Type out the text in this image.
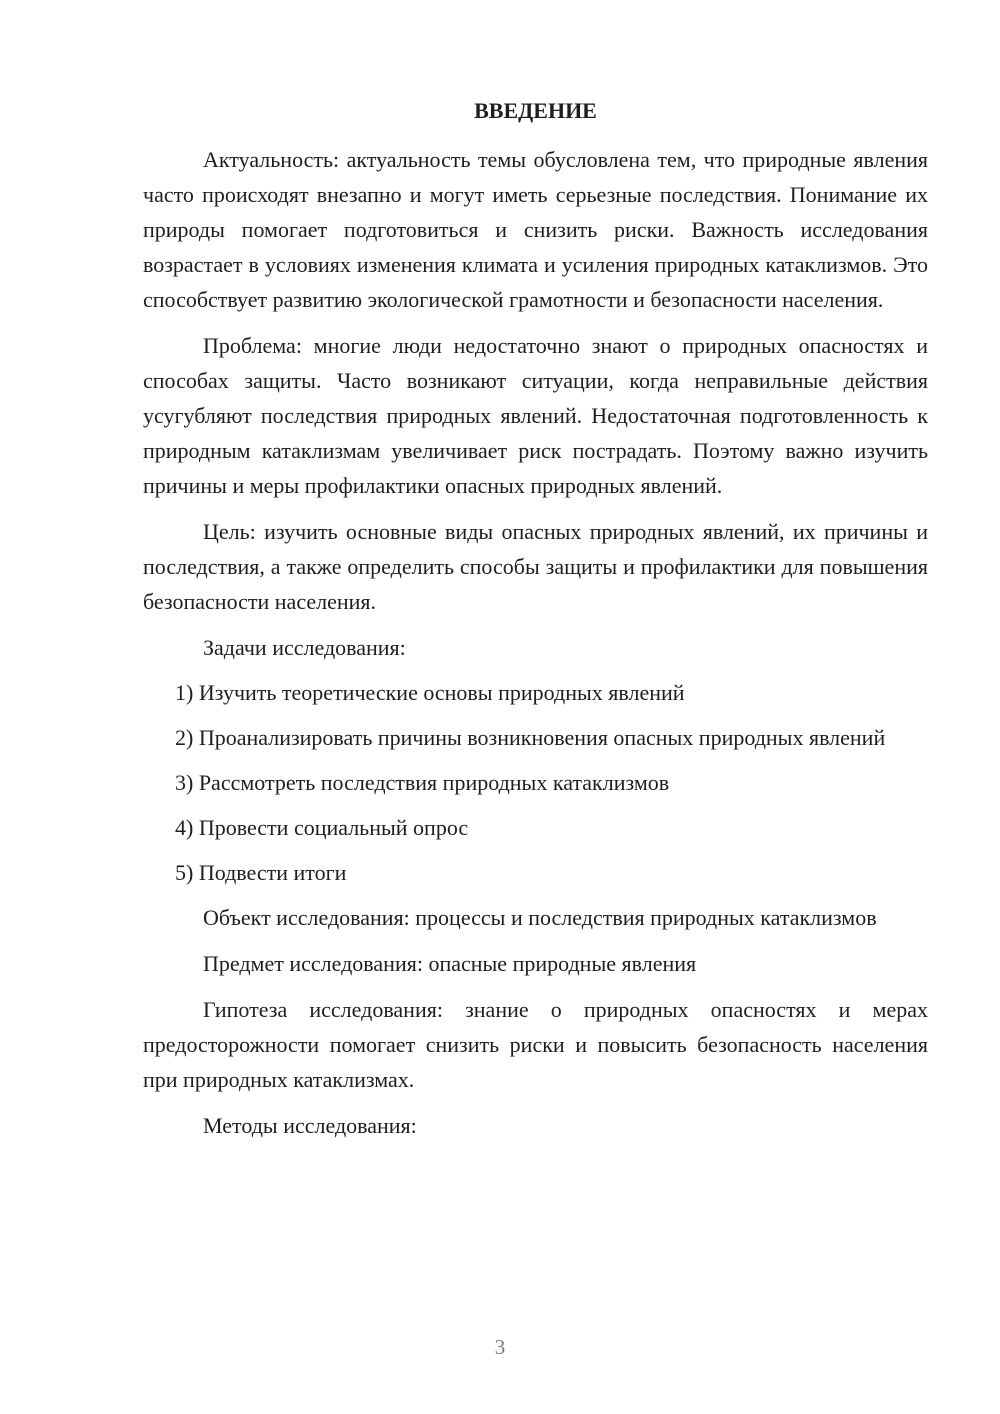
ВВЕДЕНИЕ

Актуальность: актуальность темы обусловлена тем, что природные явления часто происходят внезапно и могут иметь серьезные последствия. Понимание их природы помогает подготовиться и снизить риски. Важность исследования возрастает в условиях изменения климата и усиления природных катаклизмов. Это способствует развитию экологической грамотности и безопасности населения.

Проблема: многие люди недостаточно знают о природных опасностях и способах защиты. Часто возникают ситуации, когда неправильные действия усугубляют последствия природных явлений. Недостаточная подготовленность к природным катаклизмам увеличивает риск пострадать. Поэтому важно изучить причины и меры профилактики опасных природных явлений.

Цель: изучить основные виды опасных природных явлений, их причины и последствия, а также определить способы защиты и профилактики для повышения безопасности населения.

Задачи исследования:

1) Изучить теоретические основы природных явлений

2) Проанализировать причины возникновения опасных природных явлений

3) Рассмотреть последствия природных катаклизмов

4) Провести социальный опрос

5) Подвести итоги

Объект исследования: процессы и последствия природных катаклизмов

Предмет исследования: опасные природные явления

Гипотеза исследования: знание о природных опасностях и мерах предосторожности помогает снизить риски и повысить безопасность населения при природных катаклизмах.

Методы исследования:

3
